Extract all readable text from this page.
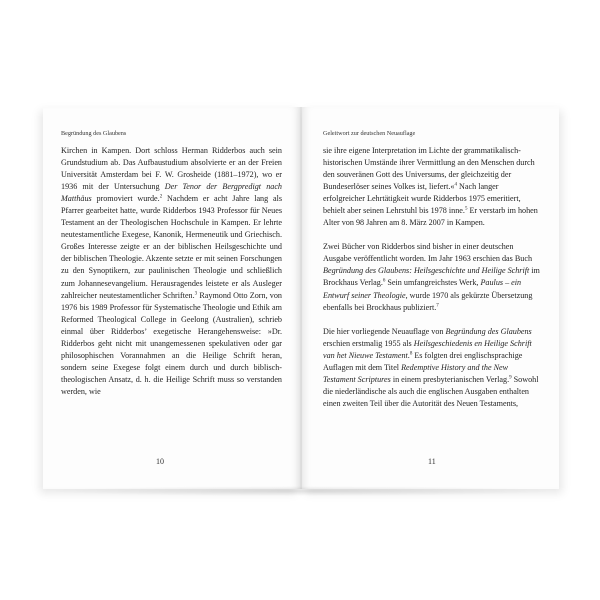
Begründung des Glaubens

Kirchen in Kampen. Dort schloss Herman Ridderbos auch sein Grundstudium ab. Das Aufbaustudium absolvierte er an der Freien Universität Amsterdam bei F. W. Grosheide (1881–1972), wo er 1936 mit der Untersuchung Der Tenor der Bergpredigt nach Matthäus promoviert wurde.$^2$ Nachdem er acht Jahre lang als Pfarrer gearbeitet hatte, wurde Ridderbos 1943 Professor für Neues Testament an der Theologischen Hochschule in Kampen. Er lehrte neutestamentliche Exegese, Kanonik, Hermeneutik und Griechisch. Großes Interesse zeigte er an der biblischen Heilsgeschichte und der biblischen Theologie. Akzente setzte er mit seinen Forschungen zu den Synoptikern, zur paulinischen Theologie und schließlich zum Johannesevangelium. Herausragendes leistete er als Ausleger zahlreicher neutestamentlicher Schriften.$^3$ Raymond Otto Zorn, von 1976 bis 1989 Professor für Systematische Theologie und Ethik am Reformed Theological College in Geelong (Australien), schrieb einmal über Ridderbos’ exegetische Herangehensweise: »Dr. Ridderbos geht nicht mit unangemessenen spekulativen oder gar philosophischen Vorannahmen an die Heilige Schrift heran, sondern seine Exegese folgt einem durch und durch biblisch-theologischen Ansatz, d. h. die Heilige Schrift muss so verstanden werden, wie

10
Geleitwort zur deutschen Neuauflage

sie ihre eigene Interpretation im Lichte der grammatikalisch-historischen Umstände ihrer Vermittlung an den Menschen durch den souveränen Gott des Universums, der gleichzeitig der Bundeserlöser seines Volkes ist, liefert.«$^4$ Nach langer erfolgreicher Lehrtätigkeit wurde Ridderbos 1975 emeritiert, behielt aber seinen Lehrstuhl bis 1978 inne.$^5$ Er verstarb im hohen Alter von 98 Jahren am 8. März 2007 in Kampen.

Zwei Bücher von Ridderbos sind bisher in einer deutschen Ausgabe veröffentlicht worden. Im Jahr 1963 erschien das Buch Begründung des Glaubens: Heilsgeschichte und Heilige Schrift im Brockhaus Verlag.$^6$ Sein umfangreichstes Werk, Paulus – ein Entwurf seiner Theologie, wurde 1970 als gekürzte Übersetzung ebenfalls bei Brockhaus publiziert.$^7$

Die hier vorliegende Neuauflage von Begründung des Glaubens erschien erstmalig 1955 als Heilsgeschiedenis en Heilige Schrift van het Nieuwe Testament.$^8$ Es folgten drei englischsprachige Auflagen mit dem Titel Redemptive History and the New Testament Scriptures in einem presbyterianischen Verlag.$^9$ Sowohl die niederländische als auch die englischen Ausgaben enthalten einen zweiten Teil über die Autorität des Neuen Testaments,

11
